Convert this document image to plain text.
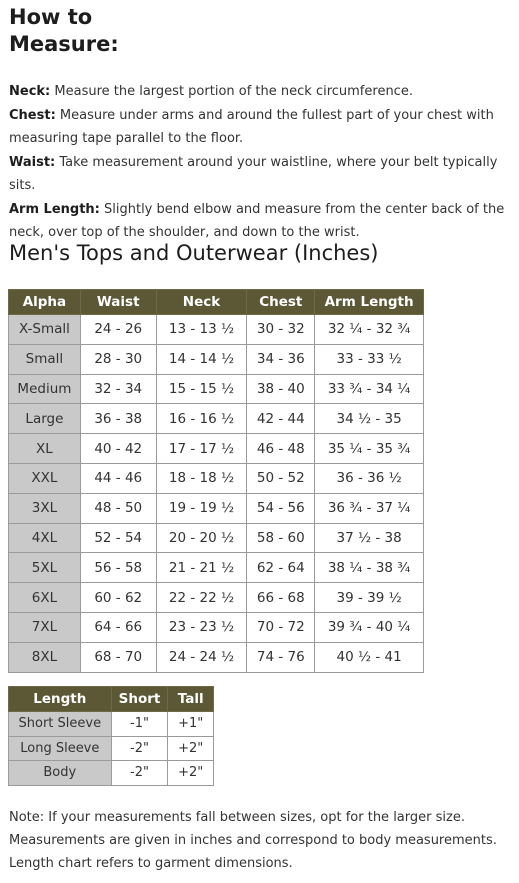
How to Measure:
Neck: Measure the largest portion of the neck circumference.
Chest: Measure under arms and around the fullest part of your chest with measuring tape parallel to the floor.
Waist: Take measurement around your waistline, where your belt typically sits.
Arm Length: Slightly bend elbow and measure from the center back of the neck, over top of the shoulder, and down to the wrist.
Men's Tops and Outerwear (Inches)
Alpha	Waist	Neck	Chest	Arm Length
X-Small	24 - 26	13 - 13 ½	30 - 32	32 ¼ - 32 ¾
Small	28 - 30	14 - 14 ½	34 - 36	33 - 33 ½
Medium	32 - 34	15 - 15 ½	38 - 40	33 ¾ - 34 ¼
Large	36 - 38	16 - 16 ½	42 - 44	34 ½ - 35
XL	40 - 42	17 - 17 ½	46 - 48	35 ¼ - 35 ¾
XXL	44 - 46	18 - 18 ½	50 - 52	36 - 36 ½
3XL	48 - 50	19 - 19 ½	54 - 56	36 ¾ - 37 ¼
4XL	52 - 54	20 - 20 ½	58 - 60	37 ½ - 38
5XL	56 - 58	21 - 21 ½	62 - 64	38 ¼ - 38 ¾
6XL	60 - 62	22 - 22 ½	66 - 68	39 - 39 ½
7XL	64 - 66	23 - 23 ½	70 - 72	39 ¾ - 40 ¼
8XL	68 - 70	24 - 24 ½	74 - 76	40 ½ - 41
Length	Short	Tall
Short Sleeve	-1"	+1"
Long Sleeve	-2"	+2"
Body	-2"	+2"

Note: If your measurements fall between sizes, opt for the larger size. Measurements are given in inches and correspond to body measurements. Length chart refers to garment dimensions.
